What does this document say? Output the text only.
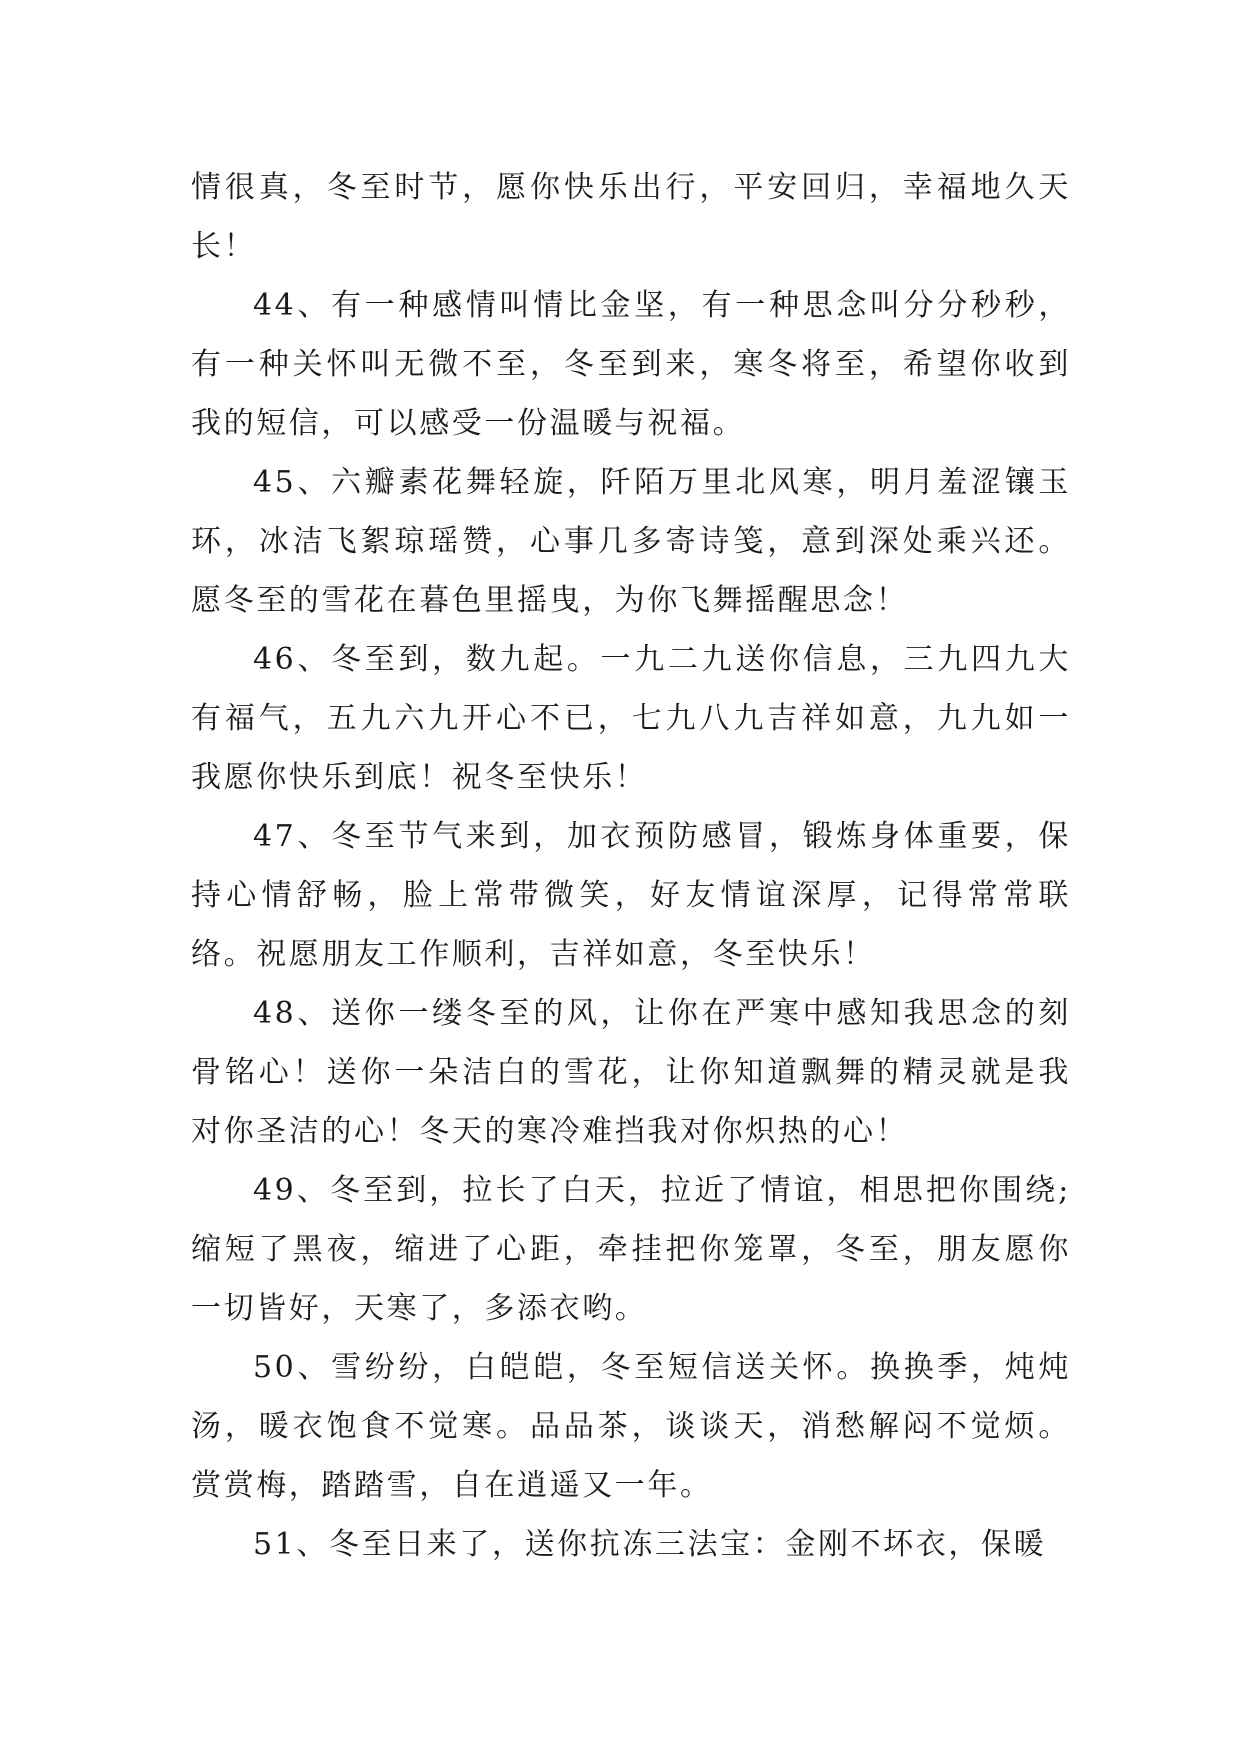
情很真，冬至时节，愿你快乐出行，平安回归，幸福地久天长！

44、有一种感情叫情比金坚，有一种思念叫分分秒秒，有一种关怀叫无微不至，冬至到来，寒冬将至，希望你收到我的短信，可以感受一份温暖与祝福。

45、六瓣素花舞轻旋，阡陌万里北风寒，明月羞涩镶玉环，冰洁飞絮琼瑶赞，心事几多寄诗笺，意到深处乘兴还。愿冬至的雪花在暮色里摇曳，为你飞舞摇醒思念！

46、冬至到，数九起。一九二九送你信息，三九四九大有福气，五九六九开心不已，七九八九吉祥如意，九九如一我愿你快乐到底！祝冬至快乐！

47、冬至节气来到，加衣预防感冒，锻炼身体重要，保持心情舒畅，脸上常带微笑，好友情谊深厚，记得常常联络。祝愿朋友工作顺利，吉祥如意，冬至快乐！

48、送你一缕冬至的风，让你在严寒中感知我思念的刻骨铭心！送你一朵洁白的雪花，让你知道飘舞的精灵就是我对你圣洁的心！冬天的寒冷难挡我对你炽热的心！

49、冬至到，拉长了白天，拉近了情谊，相思把你围绕;缩短了黑夜，缩进了心距，牵挂把你笼罩，冬至，朋友愿你一切皆好，天寒了，多添衣哟。

50、雪纷纷，白皑皑，冬至短信送关怀。换换季，炖炖汤，暖衣饱食不觉寒。品品茶，谈谈天，消愁解闷不觉烦。赏赏梅，踏踏雪，自在逍遥又一年。

51、冬至日来了，送你抗冻三法宝：金刚不坏衣，保暖
